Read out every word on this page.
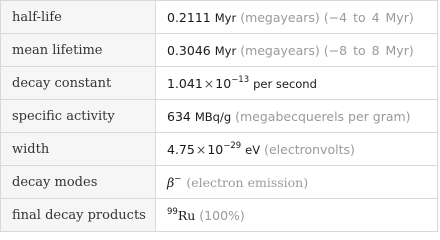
half-life	0.2111 Myr (megayears) (−4 to 4 Myr)
mean lifetime	0.3046 Myr (megayears) (−8 to 8 Myr)
decay constant	$1.041\times 10^{-13}$ per second
specific activity	634 MBq/g (megabecquerels per gram)
width	$4.75\times 10^{-29}$ eV (electronvolts)
decay modes	β− (electron emission)
final decay products	$^{99}$Ru (100%)
